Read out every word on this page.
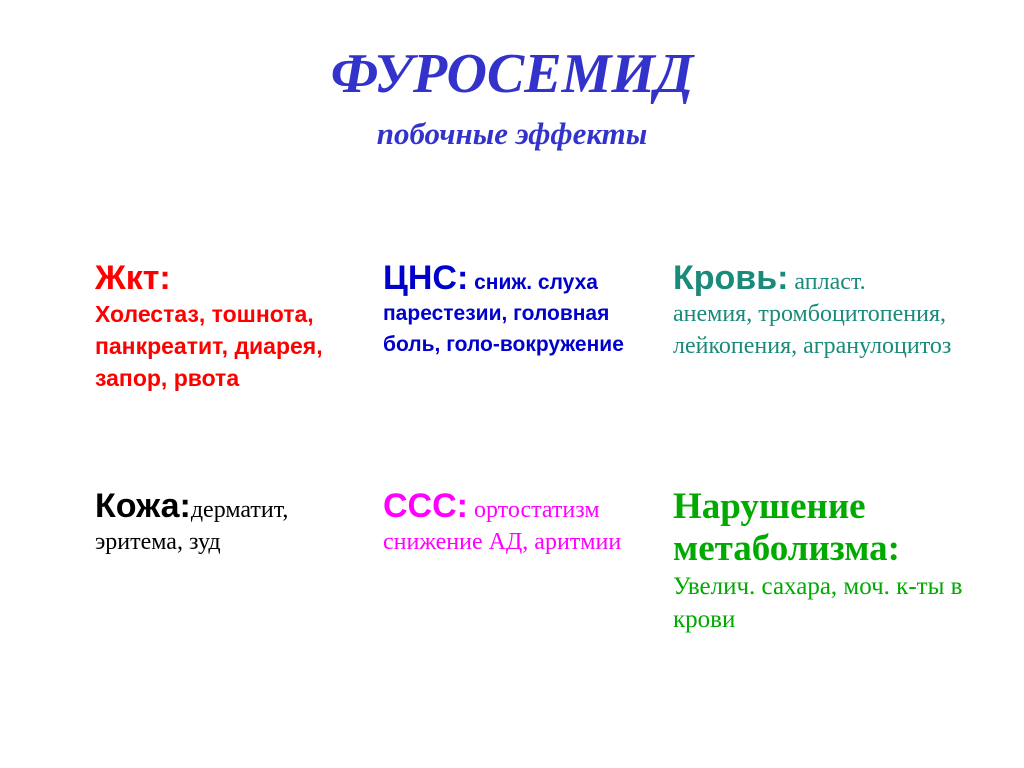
ФУРОСЕМИД
побочные эффекты
Жкт:
Холестаз, тошнота, панкреатит, диарея, запор, рвота
ЦНС: сниж. слуха
парестезии, головная боль, голо-вокружение
Кровь: апласт.
анемия, тромбоцитопения, лейкопения, агранулоцитоз
Кожа:дерматит,
эритема, зуд
ССС: ортостатизм
снижение АД, аритмии
Нарушение метаболизма:
Увелич. сахара, моч. к-ты в крови
